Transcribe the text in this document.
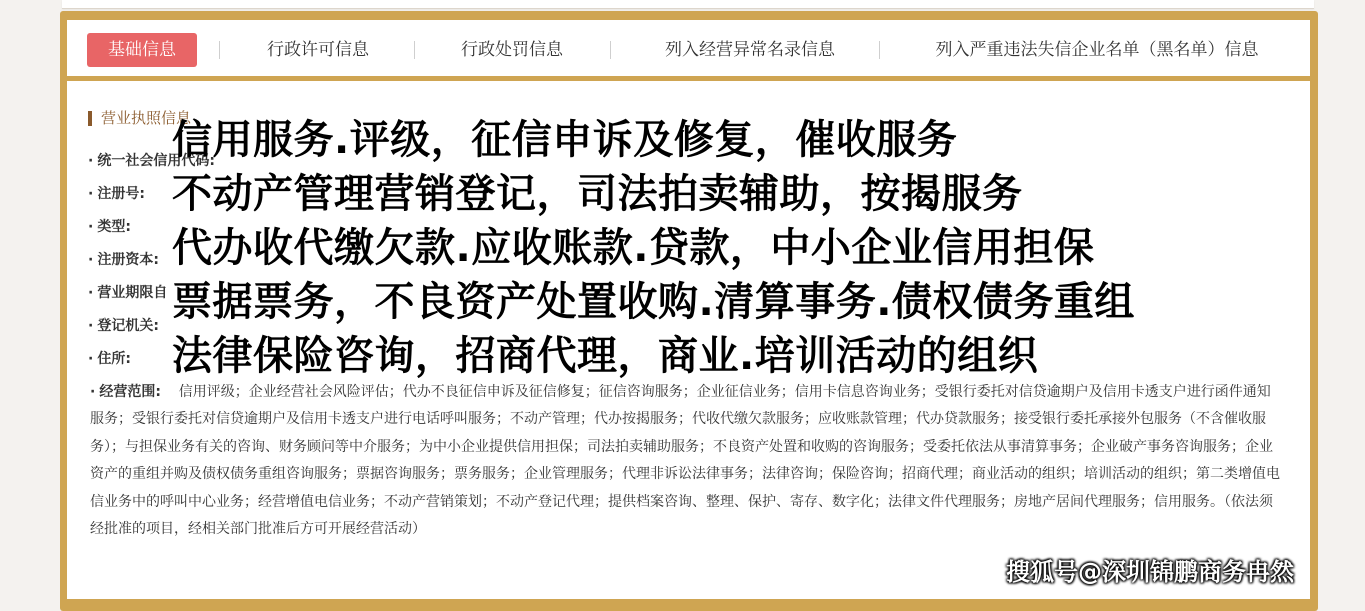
基础信息	行政许可信息	行政处罚信息	列入经营异常名录信息	列入严重违法失信企业名单（黑名单）信息
营业执照信息
· 统一社会信用代码:
· 注册号:
· 类型:
· 注册资本:
· 营业期限自
· 登记机关:
· 住所:
· 经营范围: 信用评级；企业经营社会风险评估；代办不良征信申诉及征信修复；征信咨询服务；企业征信业务；信用卡信息咨询业务；受银行委托对信贷逾期户及信用卡透支户进行函件通知服务；受银行委托对信贷逾期户及信用卡透支户进行电话呼叫服务；不动产管理；代办按揭服务；代收代缴欠款服务；应收账款管理；代办贷款服务；接受银行委托承接外包服务（不含催收服务）；与担保业务有关的咨询、财务顾问等中介服务；为中小企业提供信用担保；司法拍卖辅助服务；不良资产处置和收购的咨询服务；受委托依法从事清算事务；企业破产事务咨询服务；企业资产的重组并购及债权债务重组咨询服务；票据咨询服务；票务服务；企业管理服务；代理非诉讼法律事务；法律咨询；保险咨询；招商代理；商业活动的组织；培训活动的组织；第二类增值电信业务中的呼叫中心业务；经营增值电信业务；不动产营销策划；不动产登记代理；提供档案咨询、整理、保护、寄存、数字化；法律文件代理服务；房地产居间代理服务；信用服务。（依法须经批准的项目，经相关部门批准后方可开展经营活动）
信用服务.评级，征信申诉及修复，催收服务
不动产管理营销登记，司法拍卖辅助，按揭服务
代办收代缴欠款.应收账款.贷款，中小企业信用担保
票据票务，不良资产处置收购.清算事务.债权债务重组
法律保险咨询，招商代理，商业.培训活动的组织
搜狐号@深圳锦鹏商务冉然
